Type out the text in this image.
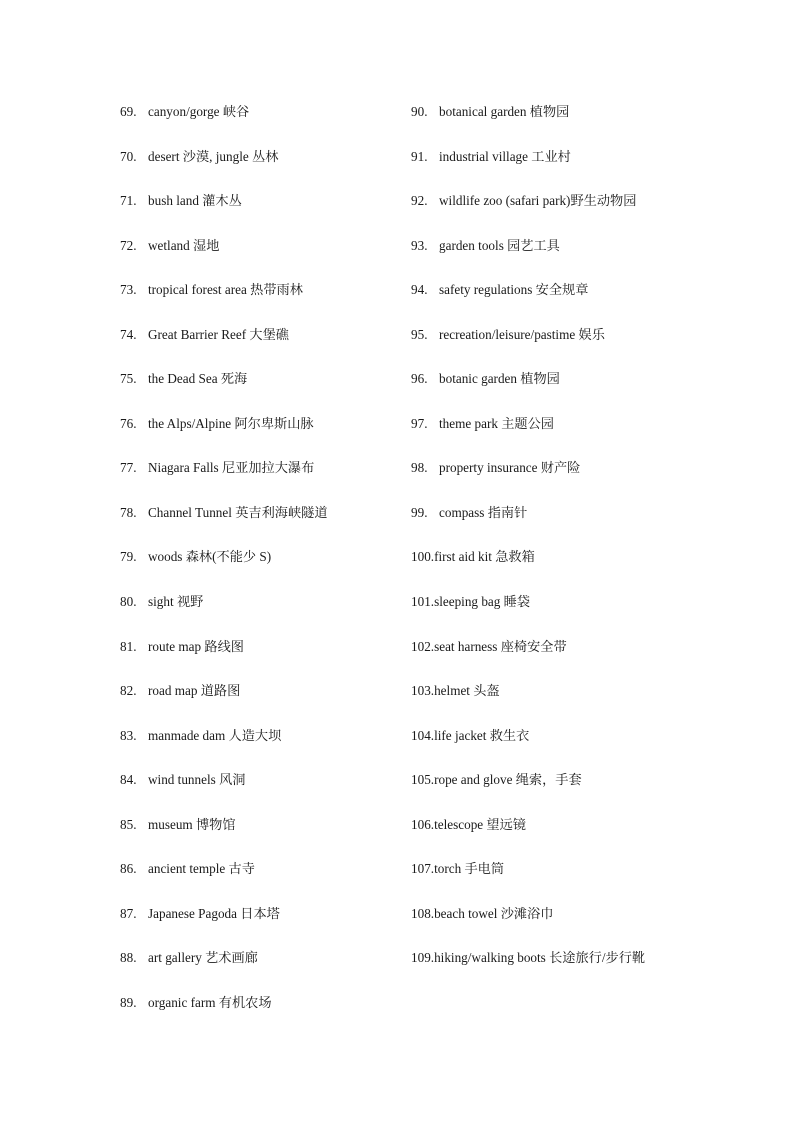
69. canyon/gorge 峡谷
70. desert 沙漠, jungle 丛林
71. bush land 灌木丛
72. wetland 湿地
73. tropical forest area 热带雨林
74. Great Barrier Reef 大堡礁
75. the Dead Sea 死海
76. the Alps/Alpine 阿尔卑斯山脉
77. Niagara Falls 尼亚加拉大瀑布
78. Channel Tunnel 英吉利海峡隧道
79. woods 森林(不能少 S)
80. sight 视野
81. route map 路线图
82. road map 道路图
83. manmade dam 人造大坝
84. wind tunnels 风洞
85. museum 博物馆
86. ancient temple 古寺
87. Japanese Pagoda 日本塔
88. art gallery 艺术画廊
89. organic farm 有机农场
90. botanical garden 植物园
91. industrial village 工业村
92. wildlife zoo (safari park)野生动物园
93. garden tools 园艺工具
94. safety regulations 安全规章
95. recreation/leisure/pastime 娱乐
96. botanic garden 植物园
97. theme park 主题公园
98. property insurance 财产险
99. compass 指南针
100. first aid kit 急救箱
101. sleeping bag 睡袋
102. seat harness 座椅安全带
103. helmet 头盔
104. life jacket 救生衣
105. rope and glove 绳索，手套
106. telescope 望远镜
107. torch 手电筒
108. beach towel 沙滩浴巾
109. hiking/walking boots 长途旅行/步行靴
